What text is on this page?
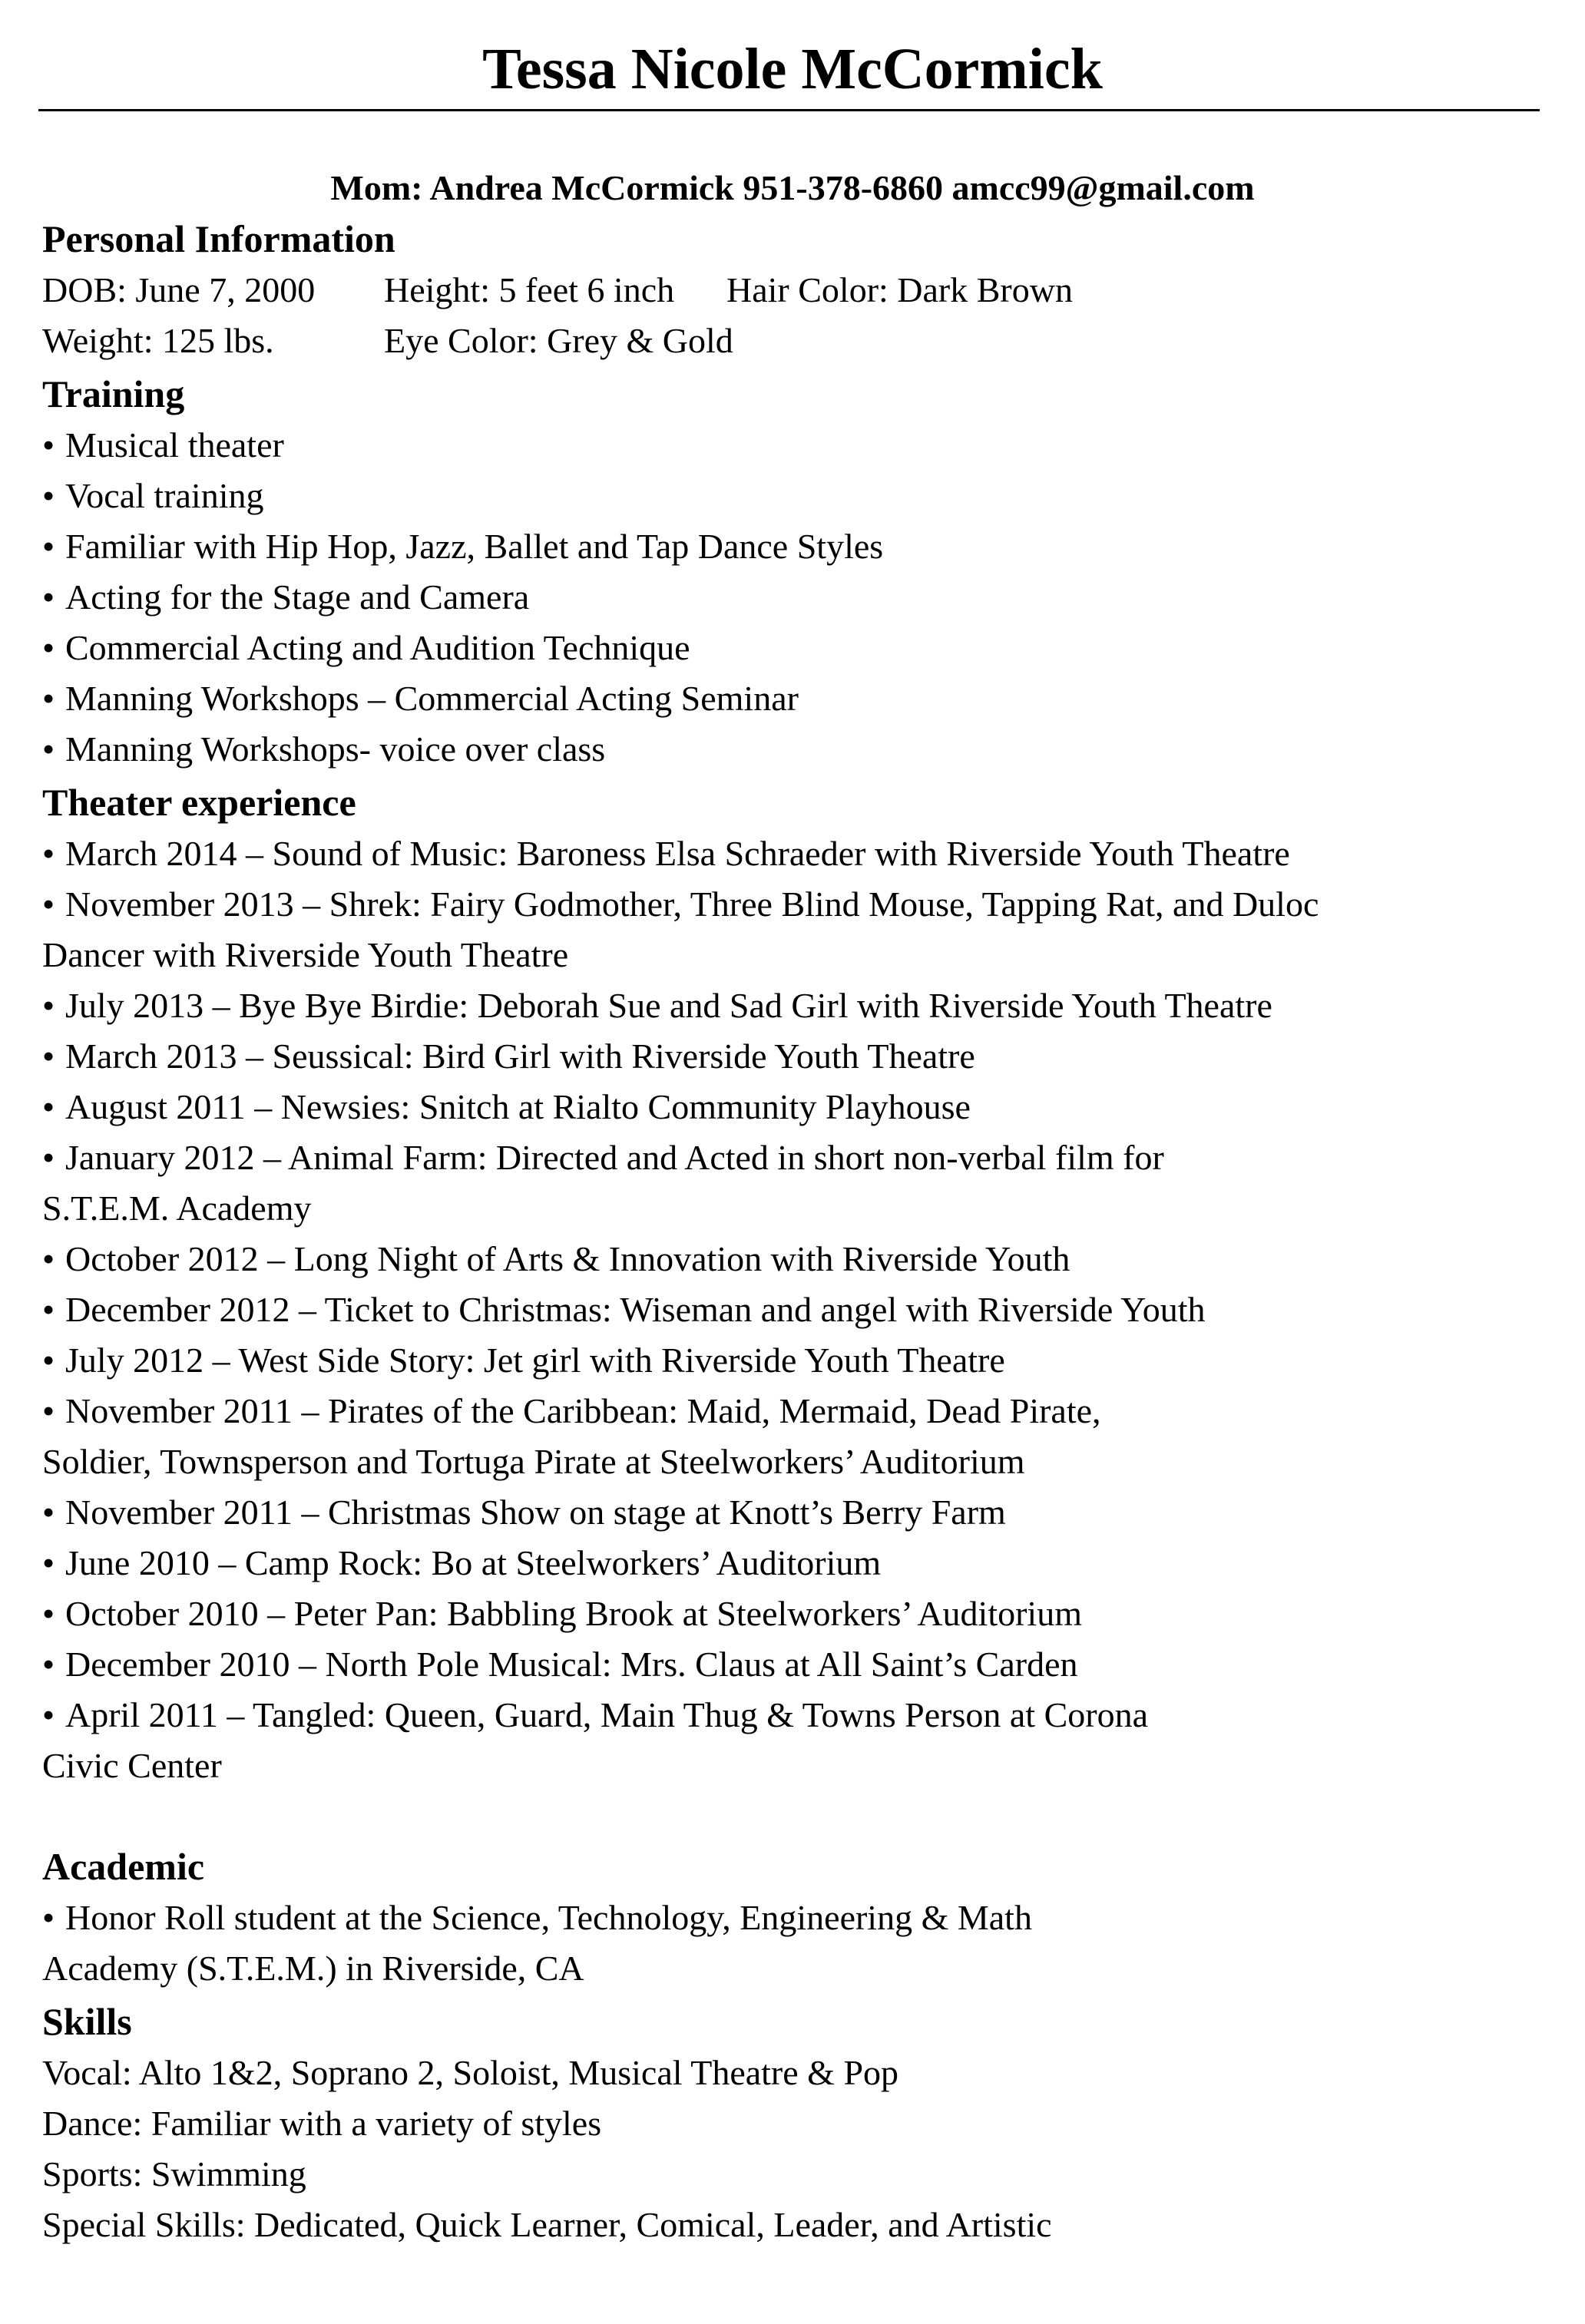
Tessa Nicole McCormick
Mom: Andrea McCormick 951-378-6860 amcc99@gmail.com
Personal Information
DOB: June 7, 2000 Height: 5 feet 6 inch Hair Color: Dark Brown
Weight: 125 lbs.	Eye Color: Grey & Gold
Training
• Musical theater
• Vocal training
• Familiar with Hip Hop, Jazz, Ballet and Tap Dance Styles
• Acting for the Stage and Camera
• Commercial Acting and Audition Technique
• Manning Workshops – Commercial Acting Seminar
• Manning Workshops- voice over class
Theater experience
• March 2014 – Sound of Music: Baroness Elsa Schraeder with Riverside Youth Theatre
• November 2013 – Shrek: Fairy Godmother, Three Blind Mouse, Tapping Rat, and Duloc
Dancer with Riverside Youth Theatre
• July 2013 – Bye Bye Birdie: Deborah Sue and Sad Girl with Riverside Youth Theatre
• March 2013 – Seussical: Bird Girl with Riverside Youth Theatre
• August 2011 – Newsies: Snitch at Rialto Community Playhouse
• January 2012 – Animal Farm: Directed and Acted in short non-verbal film for
S.T.E.M. Academy
• October 2012 – Long Night of Arts & Innovation with Riverside Youth
• December 2012 – Ticket to Christmas: Wiseman and angel with Riverside Youth
• July 2012 – West Side Story: Jet girl with Riverside Youth Theatre
• November 2011 – Pirates of the Caribbean: Maid, Mermaid, Dead Pirate,
Soldier, Townsperson and Tortuga Pirate at Steelworkers’ Auditorium
• November 2011 – Christmas Show on stage at Knott’s Berry Farm
• June 2010 – Camp Rock: Bo at Steelworkers’ Auditorium
• October 2010 – Peter Pan: Babbling Brook at Steelworkers’ Auditorium
• December 2010 – North Pole Musical: Mrs. Claus at All Saint’s Carden
• April 2011 – Tangled: Queen, Guard, Main Thug & Towns Person at Corona
Civic Center
Academic
• Honor Roll student at the Science, Technology, Engineering & Math
Academy (S.T.E.M.) in Riverside, CA
Skills
Vocal: Alto 1&2, Soprano 2, Soloist, Musical Theatre & Pop
Dance: Familiar with a variety of styles
Sports: Swimming
Special Skills: Dedicated, Quick Learner, Comical, Leader, and Artistic
